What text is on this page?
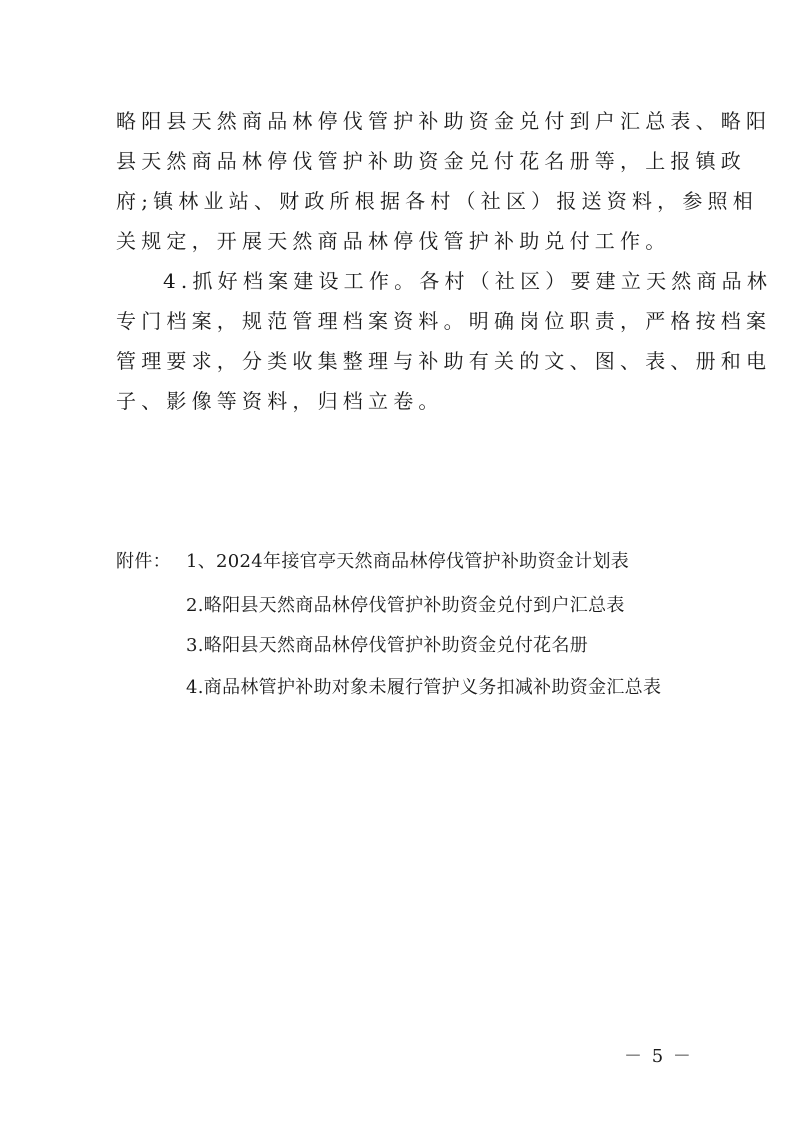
略阳县天然商品林停伐管护补助资金兑付到户汇总表、略阳
县天然商品林停伐管护补助资金兑付花名册等，上报镇政
府;镇林业站、财政所根据各村（社区）报送资料，参照相
关规定，开展天然商品林停伐管护补助兑付工作。
4.抓好档案建设工作。各村（社区）要建立天然商品林
专门档案，规范管理档案资料。明确岗位职责，严格按档案
管理要求，分类收集整理与补助有关的文、图、表、册和电
子、影像等资料，归档立卷。
附件： 1、2024年接官亭天然商品林停伐管护补助资金计划表
2.略阳县天然商品林停伐管护补助资金兑付到户汇总表
3.略阳县天然商品林停伐管护补助资金兑付花名册
4.商品林管护补助对象未履行管护义务扣减补助资金汇总表
－ 5 －
